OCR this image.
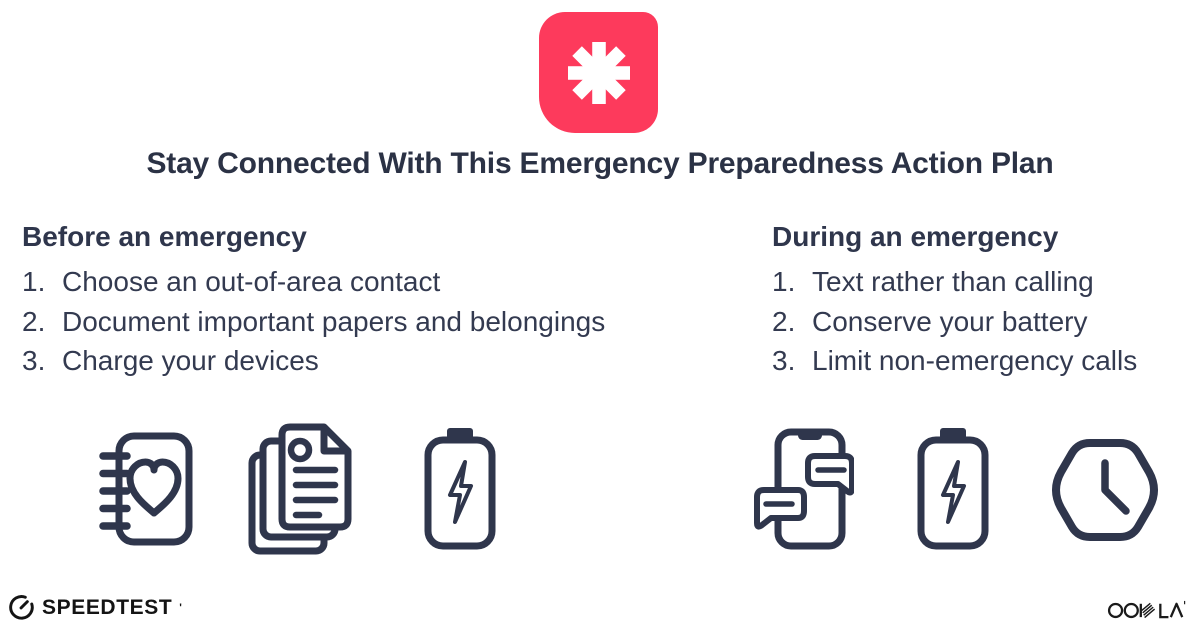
Stay Connected With This Emergency Preparedness Action Plan
Before an emergency
1. Choose an out-of-area contact
2. Document important papers and belongings
3. Charge your devices
During an emergency
1. Text rather than calling
2. Conserve your battery
3. Limit non-emergency calls
SPEEDTEST '
